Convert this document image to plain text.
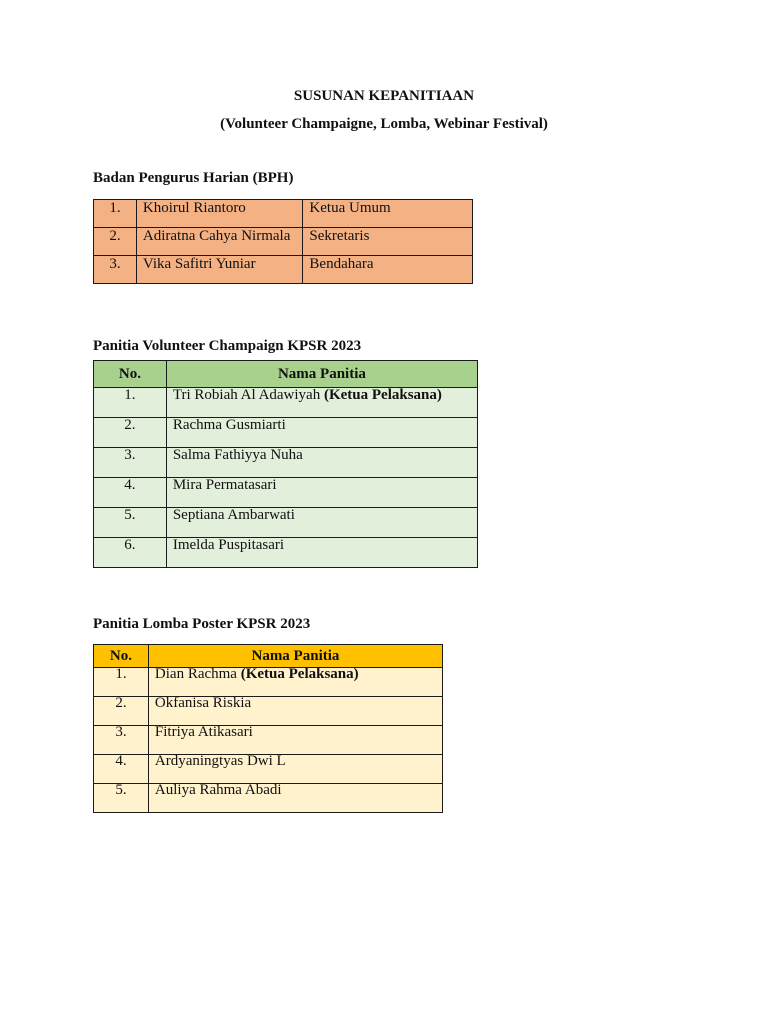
SUSUNAN KEPANITIAAN
(Volunteer Champaigne, Lomba, Webinar Festival)
Badan Pengurus Harian (BPH)
1.	Khoirul Riantoro	Ketua Umum
2.	Adiratna Cahya Nirmala	Sekretaris
3.	Vika Safitri Yuniar	Bendahara
Panitia Volunteer Champaign KPSR 2023
No.	Nama Panitia
1.	Tri Robiah Al Adawiyah (Ketua Pelaksana)
2.	Rachma Gusmiarti
3.	Salma Fathiyya Nuha
4.	Mira Permatasari
5.	Septiana Ambarwati
6.	Imelda Puspitasari
Panitia Lomba Poster KPSR 2023
No.	Nama Panitia
1.	Dian Rachma (Ketua Pelaksana)
2.	Okfanisa Riskia
3.	Fitriya Atikasari
4.	Ardyaningtyas Dwi L
5.	Auliya Rahma Abadi
